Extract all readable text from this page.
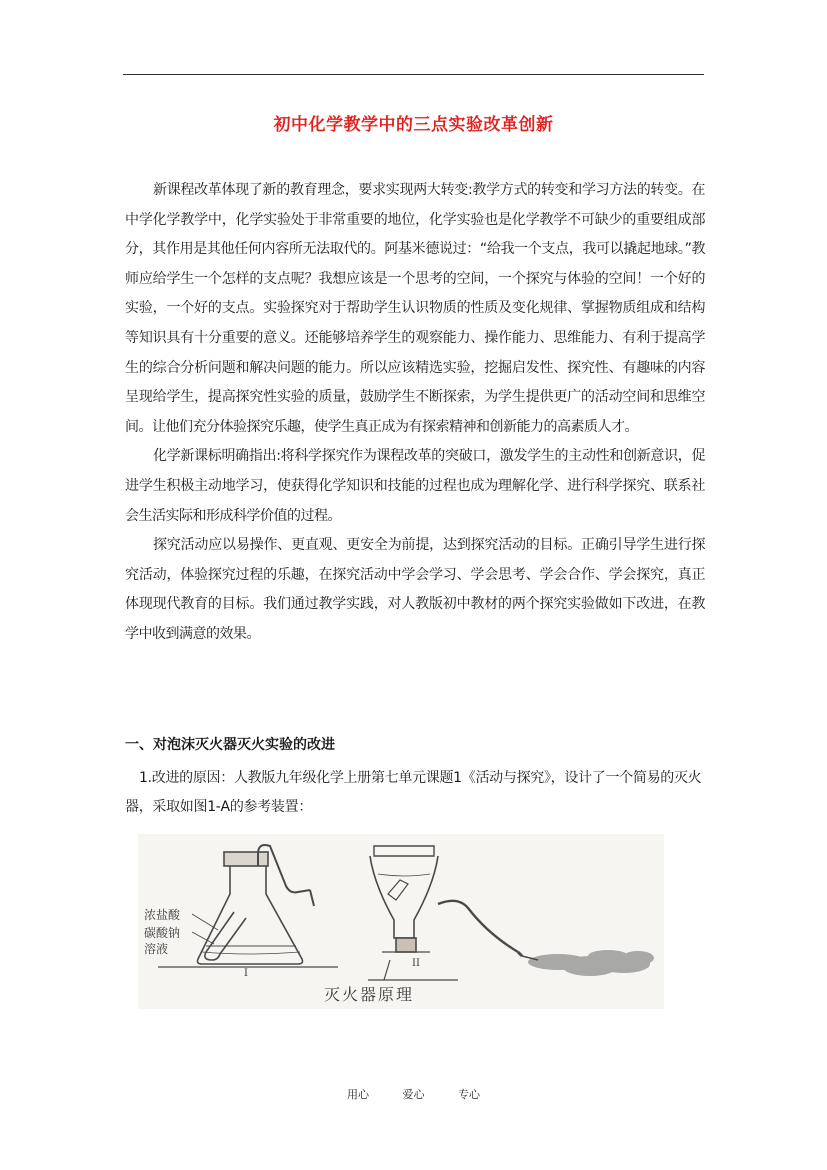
初中化学教学中的三点实验改革创新

新课程改革体现了新的教育理念，要求实现两大转变:教学方式的转变和学习方法的转变。在中学化学教学中，化学实验处于非常重要的地位，化学实验也是化学教学不可缺少的重要组成部分，其作用是其他任何内容所无法取代的。阿基米德说过：“给我一个支点，我可以撬起地球。”教师应给学生一个怎样的支点呢？我想应该是一个思考的空间，一个探究与体验的空间！一个好的实验，一个好的支点。实验探究对于帮助学生认识物质的性质及变化规律、掌握物质组成和结构等知识具有十分重要的意义。还能够培养学生的观察能力、操作能力、思维能力、有利于提高学生的综合分析问题和解决问题的能力。所以应该精选实验，挖掘启发性、探究性、有趣味的内容呈现给学生，提高探究性实验的质量，鼓励学生不断探索，为学生提供更广的活动空间和思维空间。让他们充分体验探究乐趣，使学生真正成为有探索精神和创新能力的高素质人才。

化学新课标明确指出:将科学探究作为课程改革的突破口，激发学生的主动性和创新意识，促进学生积极主动地学习，使获得化学知识和技能的过程也成为理解化学、进行科学探究、联系社会生活实际和形成科学价值的过程。

探究活动应以易操作、更直观、更安全为前提，达到探究活动的目标。正确引导学生进行探究活动，体验探究过程的乐趣，在探究活动中学会学习、学会思考、学会合作、学会探究，真正体现现代教育的目标。我们通过教学实践，对人教版初中教材的两个探究实验做如下改进，在教学中收到满意的效果。

一、对泡沫灭火器灭火实验的改进

1.改进的原因：人教版九年级化学上册第七单元课题1《活动与探究》，设计了一个简易的灭火器，采取如图1-A的参考装置：

浓盐酸
碳酸钠
溶液
I
II
灭火器原理
用心	爱心	专心
